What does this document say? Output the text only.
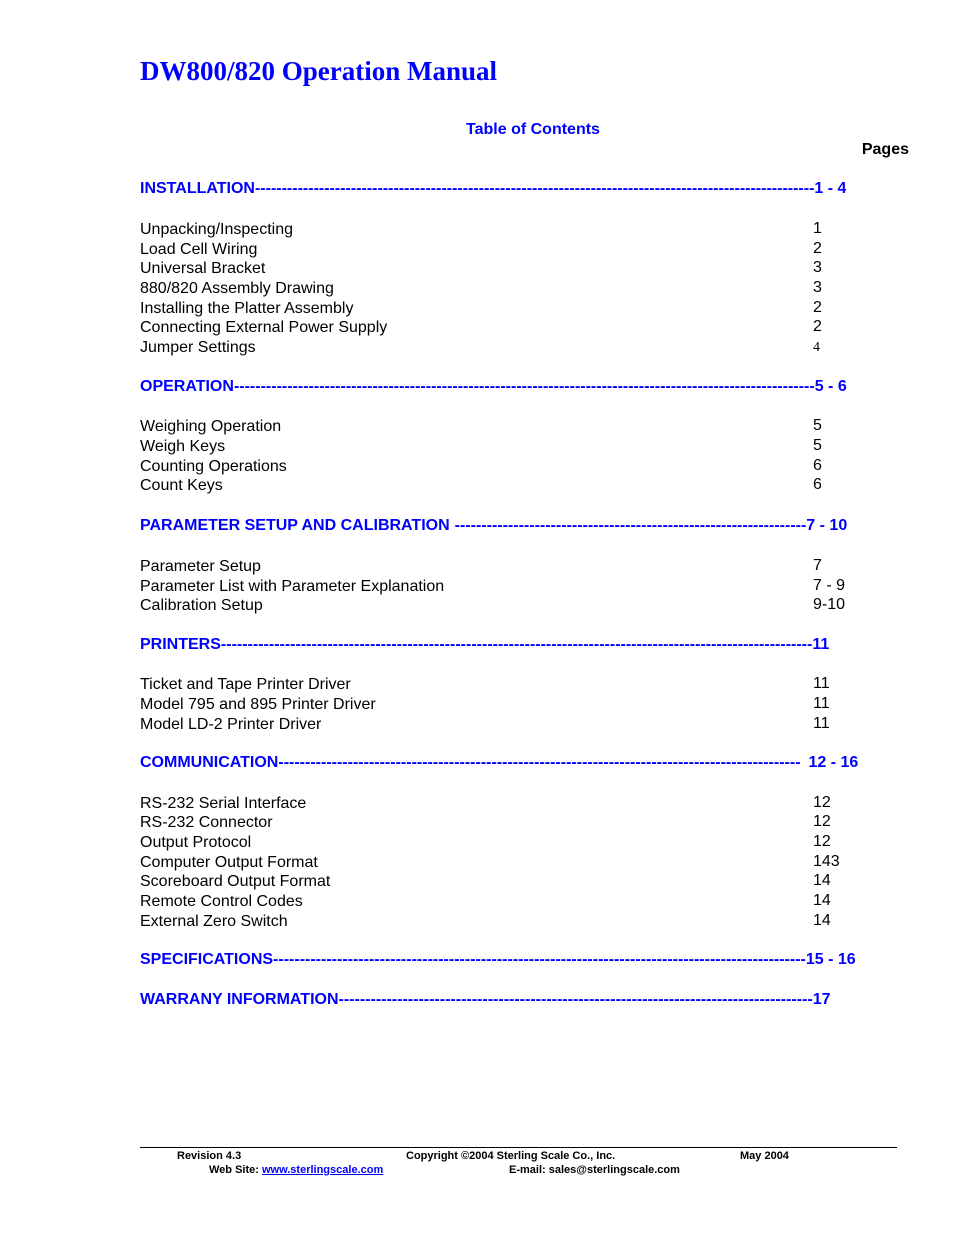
DW800/820 Operation Manual
Table of Contents
Pages
INSTALLATION---------------------------------------------------------------------------------------------------------1 - 4
Unpacking/Inspecting	1
Load Cell Wiring	2
Universal Bracket	3
880/820 Assembly Drawing	3
Installing the Platter Assembly	2
Connecting External Power Supply	2
Jumper Settings	4
OPERATION-------------------------------------------------------------------------------------------------------------5 - 6
Weighing Operation	5
Weigh Keys	5
Counting Operations	6
Count Keys	6
PARAMETER SETUP AND CALIBRATION ------------------------------------------------------------------7 - 10
Parameter Setup	7
Parameter List with Parameter Explanation	7 - 9
Calibration Setup	9-10
PRINTERS---------------------------------------------------------------------------------------------------------------11
Ticket and Tape Printer Driver	11
Model 795 and 895 Printer Driver	11
Model LD-2 Printer Driver	11
COMMUNICATION-------------------------------------------------------------------------------------------------- 12 - 16
RS-232 Serial Interface	12
RS-232 Connector	12
Output Protocol	12
Computer Output Format	143
Scoreboard Output Format	14
Remote Control Codes	14
External Zero Switch	14
SPECIFICATIONS----------------------------------------------------------------------------------------------------15 - 16
WARRANY INFORMATION-----------------------------------------------------------------------------------------17
Revision 4.3	Copyright ©2004 Sterling Scale Co., Inc.	May 2004
Web Site: www.sterlingscale.com	E-mail: sales@sterlingscale.com
